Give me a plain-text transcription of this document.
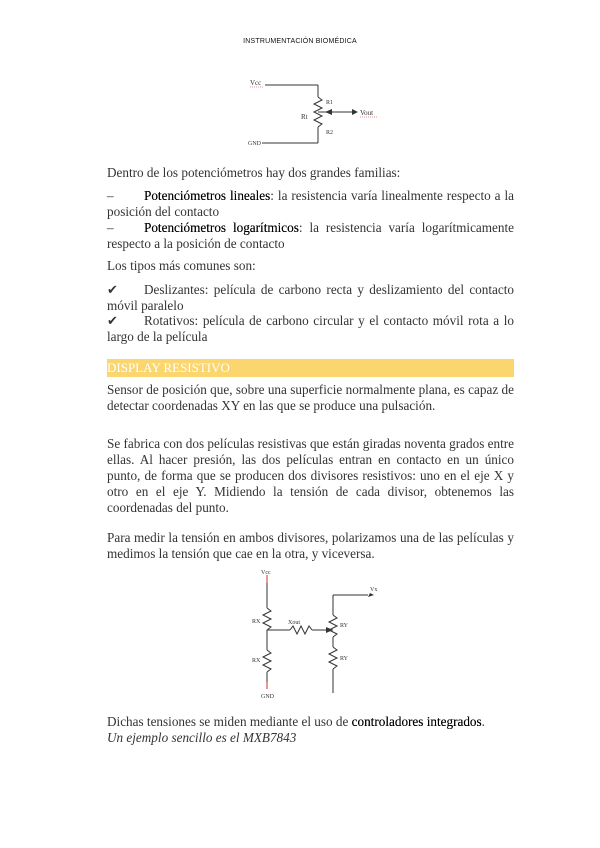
INSTRUMENTACIÓN BIOMÉDICA
Vcc
R1
Rt
R2
Vout
GND
Dentro de los potenciómetros hay dos grandes familias:
– Potenciómetros lineales: la resistencia varía linealmente respecto a la posición del contacto
– Potenciómetros logarítmicos: la resistencia varía logarítmicamente respecto a la posición de contacto
Los tipos más comunes son:
✔ Deslizantes: película de carbono recta y deslizamiento del contacto móvil paralelo
✔ Rotativos: película de carbono circular y el contacto móvil rota a lo largo de la película
DISPLAY RESISTIVO
Sensor de posición que, sobre una superficie normalmente plana, es capaz de detectar coordenadas XY en las que se produce una pulsación.
Se fabrica con dos películas resistivas que están giradas noventa grados entre ellas. Al hacer presión, las dos películas entran en contacto en un único punto, de forma que se producen dos divisores resistivos: uno en el eje X y otro en el eje Y. Midiendo la tensión de cada divisor, obtenemos las coordenadas del punto.
Para medir la tensión en ambos divisores, polarizamos una de las películas y medimos la tensión que cae en la otra, y viceversa.
Vcc
RX	Xout	RY
RX	RY
GND
Vx
Dichas tensiones se miden mediante el uso de controladores integrados.
Un ejemplo sencillo es el MXB7843
